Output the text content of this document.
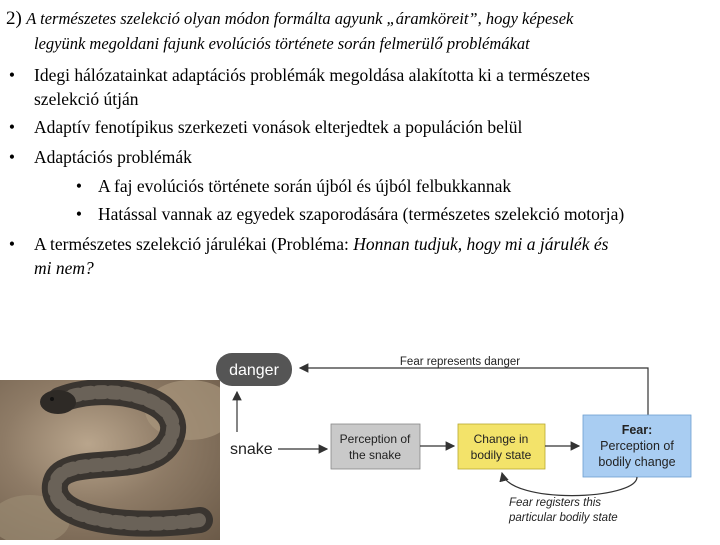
2) A természetes szelekció olyan módon formálta agyunk „áramköreit”, hogy képesek
legyünk megoldani fajunk evolúciós története során felmerülő problémákat
• Idegi hálózatainkat adaptációs problémák megoldása alakította ki a természetes
szelekció útján
• Adaptív fenotípikus szerkezeti vonások elterjedtek a populáción belül
• Adaptációs problémák
• A faj evolúciós története során újból és újból felbukkannak
• Hatással vannak az egyedek szaporodására (természetes szelekció motorja)
• A természetes szelekció járulékai (Probléma: Honnan tudjuk, hogy mi a járulék és
mi nem?
danger	Fear represents danger
snake
Perception of
the snake
Change in
bodily state
Fear:
Perception of
bodily change
Fear registers this
particular bodily state
